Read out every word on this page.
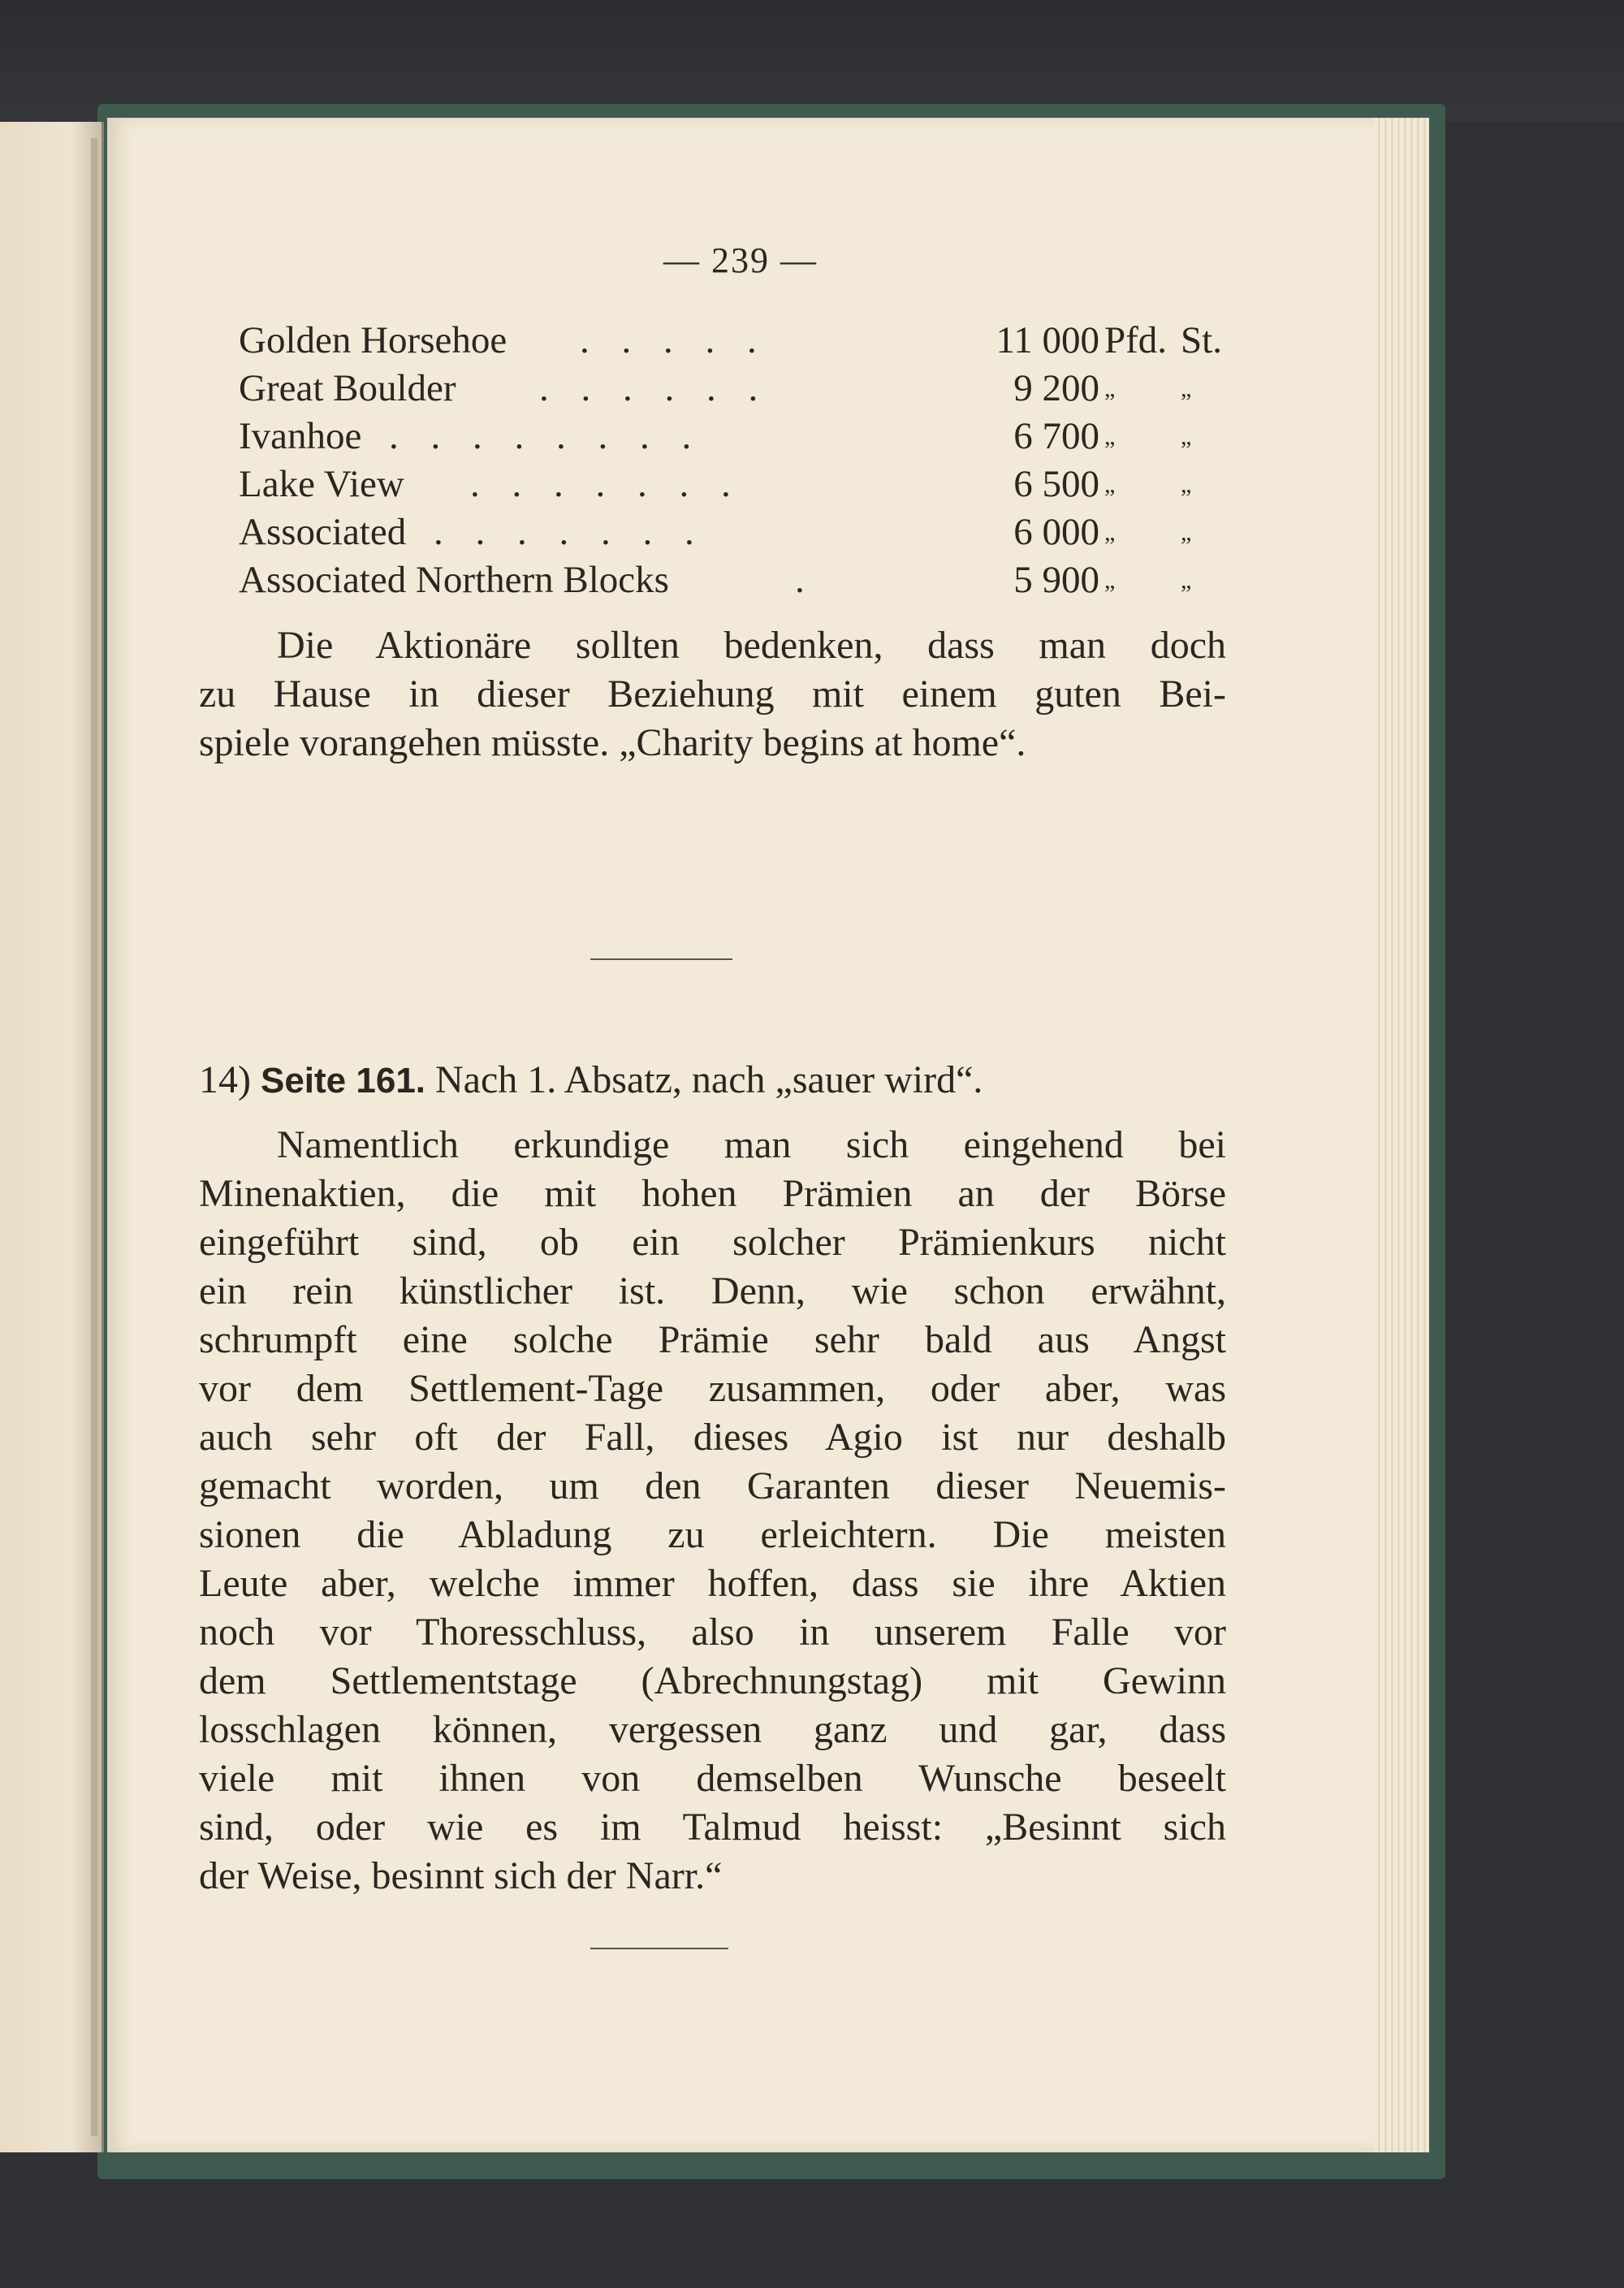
— 239 —
Golden Horsehoe . . . . .	11 000 Pfd. St.
Great Boulder . . . . . .	9 200 „	„
Ivanhoe . . . . . . . .	6 700 „	„
Lake View . . . . . . .	6 500 „	„
Associated . . . . . . .	6 000 „	„
Associated Northern Blocks	.	5 900 „	„
Die Aktionäre sollten bedenken, dass man doch
zu Hause in dieser Beziehung mit einem guten Bei-
spiele vorangehen müsste. „Charity begins at home“.
14) Seite 161. Nach 1. Absatz, nach „sauer wird“.
Namentlich erkundige man sich eingehend bei
Minenaktien, die mit hohen Prämien an der Börse
eingeführt sind, ob ein solcher Prämienkurs nicht
ein rein künstlicher ist. Denn, wie schon erwähnt,
schrumpft eine solche Prämie sehr bald aus Angst
vor dem Settlement-Tage zusammen, oder aber, was
auch sehr oft der Fall, dieses Agio ist nur deshalb
gemacht worden, um den Garanten dieser Neuemis-
sionen die Abladung zu erleichtern. Die meisten
Leute aber, welche immer hoffen, dass sie ihre Aktien
noch vor Thoresschluss, also in unserem Falle vor
dem Settlementstage (Abrechnungstag) mit Gewinn
losschlagen können, vergessen ganz und gar, dass
viele mit ihnen von demselben Wunsche beseelt
sind, oder wie es im Talmud heisst: „Besinnt sich
der Weise, besinnt sich der Narr.“
